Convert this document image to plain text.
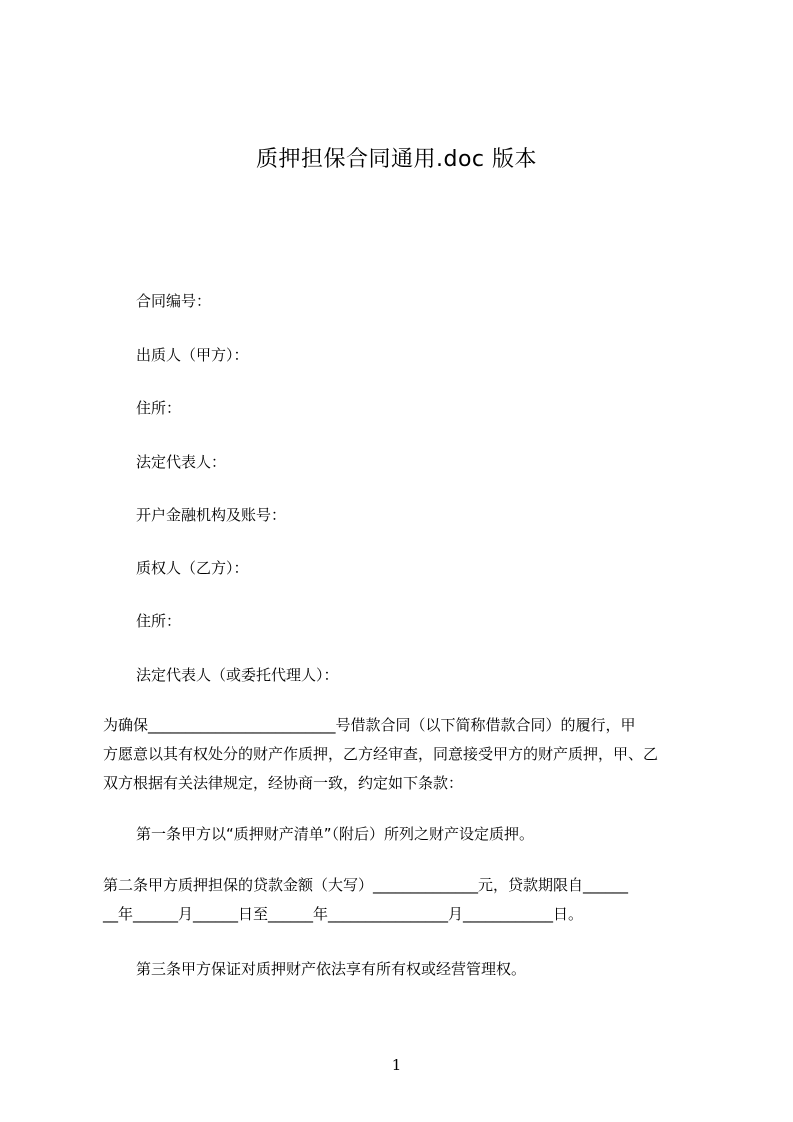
质押担保合同通用.doc 版本
合同编号：
出质人（甲方）：
住所：
法定代表人：
开户金融机构及账号：
质权人（乙方）：
住所：
法定代表人（或委托代理人）：
为确保_________________________号借款合同（以下简称借款合同）的履行，甲
方愿意以其有权处分的财产作质押，乙方经审查，同意接受甲方的财产质押，甲、乙
双方根据有关法律规定，经协商一致，约定如下条款：
第一条甲方以“质押财产清单”（附后）所列之财产设定质押。
第二条甲方质押担保的贷款金额（大写）______________元，贷款期限自______
__年______月______日至______年________________月____________日。
第三条甲方保证对质押财产依法享有所有权或经营管理权。
1
